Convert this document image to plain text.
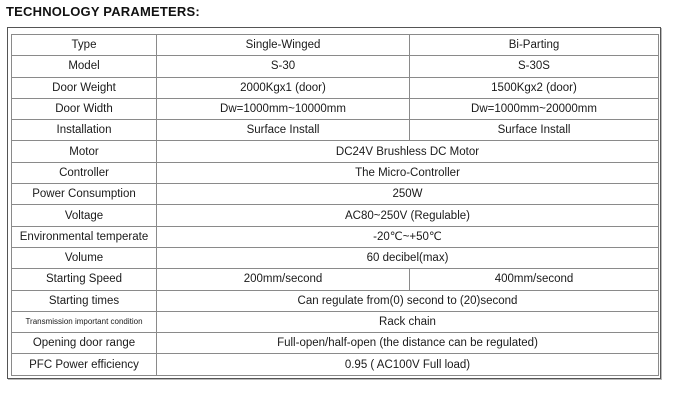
TECHNOLOGY PARAMETERS:
Type	Single-Winged	Bi-Parting
Model	S-30	S-30S
Door Weight	2000Kgx1 (door)	1500Kgx2 (door)
Door Width	Dw=1000mm~10000mm	Dw=1000mm~20000mm
Installation	Surface Install	Surface Install
Motor	DC24V Brushless DC Motor	
Controller	The Micro-Controller	
Power Consumption	250W	
Voltage	AC80~250V (Regulable)	
Environmental temperate	-20℃~+50℃	
Volume	60 decibel(max)	
Starting Speed	200mm/second	400mm/second
Starting times	Can regulate from(0) second to (20)second	
Transmission important condition	Rack chain	
Opening door range	Full-open/half-open (the distance can be regulated)	
PFC Power efficiency	0.95 ( AC100V Full load)	
